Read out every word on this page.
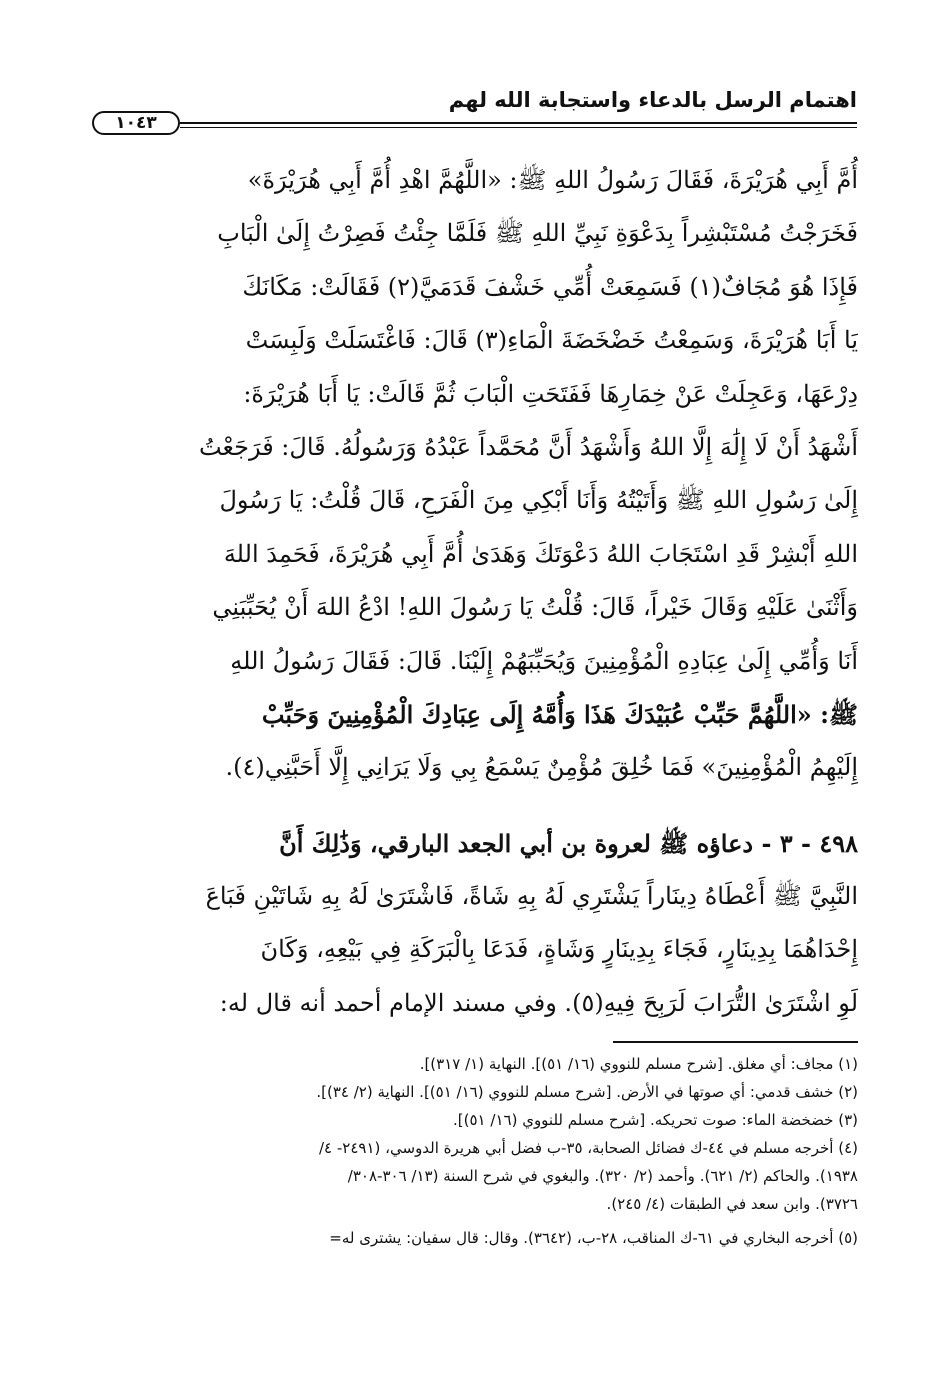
اهتمام الرسل بالدعاء واستجابة الله لهم
١٠٤٣
أُمَّ أَبِي هُرَيْرَةَ، فَقَالَ رَسُولُ اللهِ ﷺ: «اللَّهُمَّ اهْدِ أُمَّ أَبِي هُرَيْرَةَ»
فَخَرَجْتُ مُسْتَبْشِراً بِدَعْوَةِ نَبِيِّ اللهِ ﷺ فَلَمَّا جِئْتُ فَصِرْتُ إِلَىٰ الْبَابِ
فَإِذَا هُوَ مُجَافٌ(١) فَسَمِعَتْ أُمِّي خَشْفَ قَدَمَيَّ(٢) فَقَالَتْ: مَكَانَكَ
يَا أَبَا هُرَيْرَةَ، وَسَمِعْتُ خَضْخَضَةَ الْمَاءِ(٣) قَالَ: فَاغْتَسَلَتْ وَلَبِسَتْ
دِرْعَهَا، وَعَجِلَتْ عَنْ خِمَارِهَا فَفَتَحَتِ الْبَابَ ثُمَّ قَالَتْ: يَا أَبَا هُرَيْرَةَ:
أَشْهَدُ أَنْ لَا إِلَٰهَ إِلَّا اللهُ وَأَشْهَدُ أَنَّ مُحَمَّداً عَبْدُهُ وَرَسُولُهُ. قَالَ: فَرَجَعْتُ
إِلَىٰ رَسُولِ اللهِ ﷺ وَأَتَيْتُهُ وَأَنَا أَبْكِي مِنَ الْفَرَحِ، قَالَ قُلْتُ: يَا رَسُولَ
اللهِ أَبْشِرْ قَدِ اسْتَجَابَ اللهُ دَعْوَتَكَ وَهَدَىٰ أُمَّ أَبِي هُرَيْرَةَ، فَحَمِدَ اللهَ
وَأَثْنَىٰ عَلَيْهِ وَقَالَ خَيْراً، قَالَ: قُلْتُ يَا رَسُولَ اللهِ! ادْعُ اللهَ أَنْ يُحَبِّبَنِي
أَنَا وَأُمِّي إِلَىٰ عِبَادِهِ الْمُؤْمِنِينَ وَيُحَبِّبَهُمْ إِلَيْنَا. قَالَ: فَقَالَ رَسُولُ اللهِ
ﷺ: «اللَّهُمَّ حَبِّبْ عُبَيْدَكَ هَذَا وَأُمَّهُ إِلَى عِبَادِكَ الْمُؤْمِنِينَ وَحَبِّبْ
إِلَيْهِمُ الْمُؤْمِنِينَ» فَمَا خُلِقَ مُؤْمِنٌ يَسْمَعُ بِي وَلَا يَرَانِي إِلَّا أَحَبَّنِي(٤).
٤٩٨ - ٣ - دعاؤه ﷺ لعروة بن أبي الجعد البارقي، وَذَٰلِكَ أَنَّ
النَّبِيَّ ﷺ أَعْطَاهُ دِينَاراً يَشْتَرِي لَهُ بِهِ شَاةً، فَاشْتَرَىٰ لَهُ بِهِ شَاتَيْنِ فَبَاعَ
إِحْدَاهُمَا بِدِينَارٍ، فَجَاءَ بِدِينَارٍ وَشَاةٍ، فَدَعَا بِالْبَرَكَةِ فِي بَيْعِهِ، وَكَانَ
لَوِ اشْتَرَىٰ التُّرَابَ لَرَبِحَ فِيهِ(٥). وفي مسند الإمام أحمد أنه قال له:
(١) مجاف: أي مغلق. [شرح مسلم للنووي (١٦/ ٥١)]. النهاية (١/ ٣١٧)].
(٢) خشف قدمي: أي صوتها في الأرض. [شرح مسلم للنووي (١٦/ ٥١)]. النهاية (٢/ ٣٤)].
(٣) خضخضة الماء: صوت تحريكه. [شرح مسلم للنووي (١٦/ ٥١)].
(٤) أخرجه مسلم في ٤٤-ك فضائل الصحابة، ٣٥-ب فضل أبي هريرة الدوسي، (٢٤٩١- ٤/
١٩٣٨). والحاكم (٢/ ٦٢١). وأحمد (٢/ ٣٢٠). والبغوي في شرح السنة (١٣/ ٣٠٦-٣٠٨/
٣٧٢٦). وابن سعد في الطبقات (٤/ ٢٤٥).
(٥) أخرجه البخاري في ٦١-ك المناقب، ٢٨-ب، (٣٦٤٢). وقال: قال سفيان: يشترى له=
